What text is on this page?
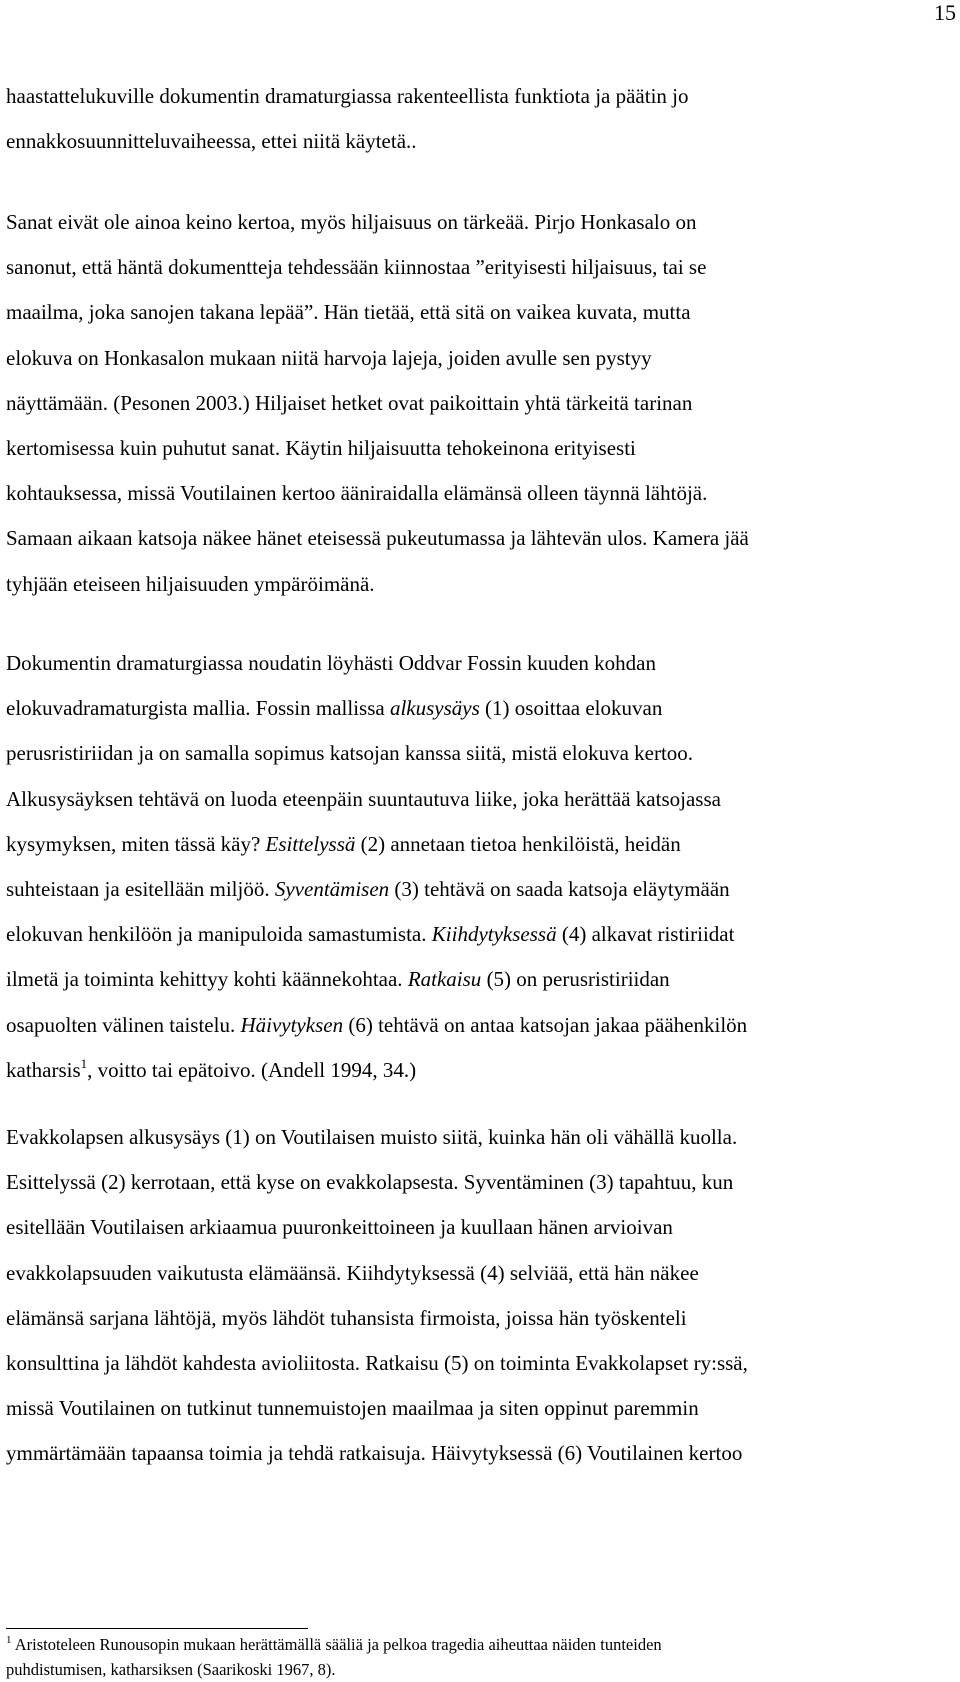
15

haastattelukuville dokumentin dramaturgiassa rakenteellista funktiota ja päätin jo
ennakkosuunnitteluvaiheessa, ettei niitä käytetä..

Sanat eivät ole ainoa keino kertoa, myös hiljaisuus on tärkeää. Pirjo Honkasalo on
sanonut, että häntä dokumentteja tehdessään kiinnostaa ”erityisesti hiljaisuus, tai se
maailma, joka sanojen takana lepää”. Hän tietää, että sitä on vaikea kuvata, mutta
elokuva on Honkasalon mukaan niitä harvoja lajeja, joiden avulle sen pystyy
näyttämään. (Pesonen 2003.) Hiljaiset hetket ovat paikoittain yhtä tärkeitä tarinan
kertomisessa kuin puhutut sanat. Käytin hiljaisuutta tehokeinona erityisesti
kohtauksessa, missä Voutilainen kertoo ääniraidalla elämänsä olleen täynnä lähtöjä.
Samaan aikaan katsoja näkee hänet eteisessä pukeutumassa ja lähtevän ulos. Kamera jää
tyhjään eteiseen hiljaisuuden ympäröimänä.

Dokumentin dramaturgiassa noudatin löyhästi Oddvar Fossin kuuden kohdan
elokuvadramaturgista mallia. Fossin mallissa alkusysäys (1) osoittaa elokuvan
perusristiriidan ja on samalla sopimus katsojan kanssa siitä, mistä elokuva kertoo.
Alkusysäyksen tehtävä on luoda eteenpäin suuntautuva liike, joka herättää katsojassa
kysymyksen, miten tässä käy? Esittelyssä (2) annetaan tietoa henkilöistä, heidän
suhteistaan ja esitellään miljöö. Syventämisen (3) tehtävä on saada katsoja eläytymään
elokuvan henkilöön ja manipuloida samastumista. Kiihdytyksessä (4) alkavat ristiriidat
ilmetä ja toiminta kehittyy kohti käännekohtaa. Ratkaisu (5) on perusristiriidan
osapuolten välinen taistelu. Häivytyksen (6) tehtävä on antaa katsojan jakaa päähenkilön
katharsis$^1$, voitto tai epätoivo. (Andell 1994, 34.)

Evakkolapsen alkusysäys (1) on Voutilaisen muisto siitä, kuinka hän oli vähällä kuolla.
Esittelyssä (2) kerrotaan, että kyse on evakkolapsesta. Syventäminen (3) tapahtuu, kun
esitellään Voutilaisen arkiaamua puuronkeittoineen ja kuullaan hänen arvioivan
evakkolapsuuden vaikutusta elämäänsä. Kiihdytyksessä (4) selviää, että hän näkee
elämänsä sarjana lähtöjä, myös lähdöt tuhansista firmoista, joissa hän työskenteli
konsulttina ja lähdöt kahdesta avioliitosta. Ratkaisu (5) on toiminta Evakkolapset ry:ssä,
missä Voutilainen on tutkinut tunnemuistojen maailmaa ja siten oppinut paremmin
ymmärtämään tapaansa toimia ja tehdä ratkaisuja. Häivytyksessä (6) Voutilainen kertoo

$^1$ Aristoteleen Runousopin mukaan herättämällä sääliä ja pelkoa tragedia aiheuttaa näiden tunteiden
puhdistumisen, katharsiksen (Saarikoski 1967, 8).
